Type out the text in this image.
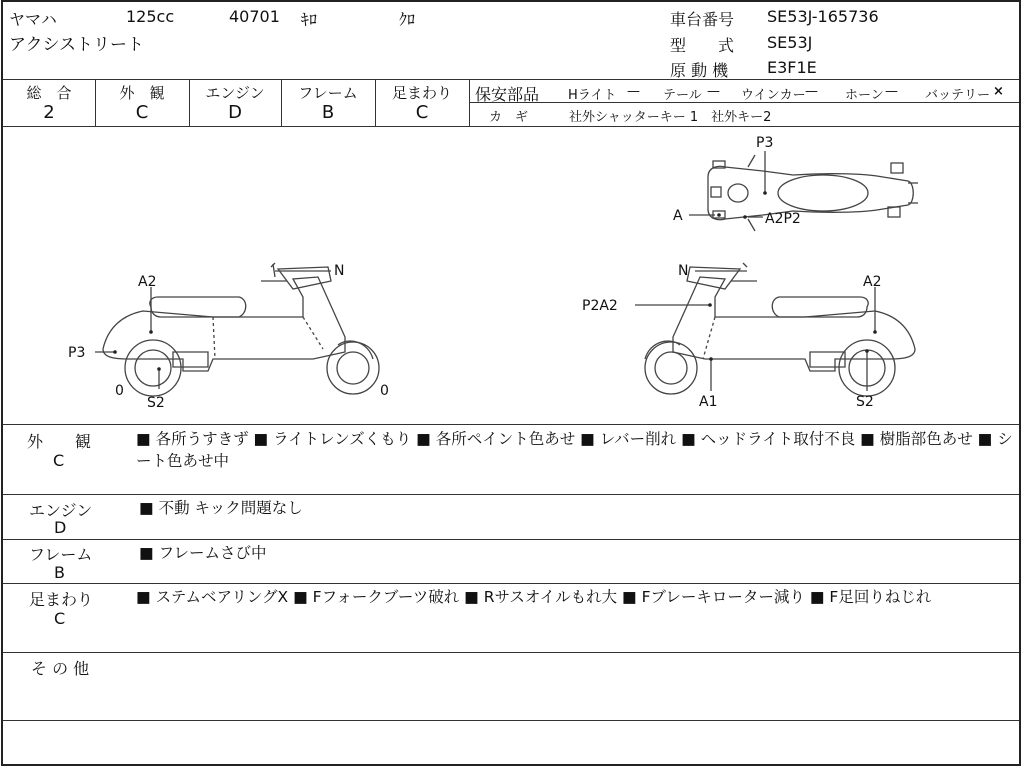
ヤマハ	125cc	40701 ｷﾛ	ｸﾛ
アクシストリート
車台番号 SE53J-165736
型　　式 SE53J
原 動 機 E3F1E
総　合
2
外　観
C
エンジン
D
フレーム
B
足まわり
C
保安部品 Hライト — テール — ウインカー — ホーン — バッテリー ×
カ　ギ	社外シャッターキー 1　社外キー2
P3
A	A2P2
A2
N
P3
S2
0	0
N
P2A2
A2
A1	S2
外　　観
C
■ 各所うすきず ■ ライトレンズくもり ■ 各所ペイント色あせ ■ レバー削れ ■ ヘッドライト取付不良 ■ 樹脂部色あせ ■ シート色あせ中
エンジン
D
■ 不動 キック問題なし
フレーム
B
■ フレームさび中
足まわり
C
■ ステムベアリングX ■ Fフォークブーツ破れ ■ Rサスオイルもれ大 ■ Fブレーキローター減り ■ F足回りねじれ
そ の 他
